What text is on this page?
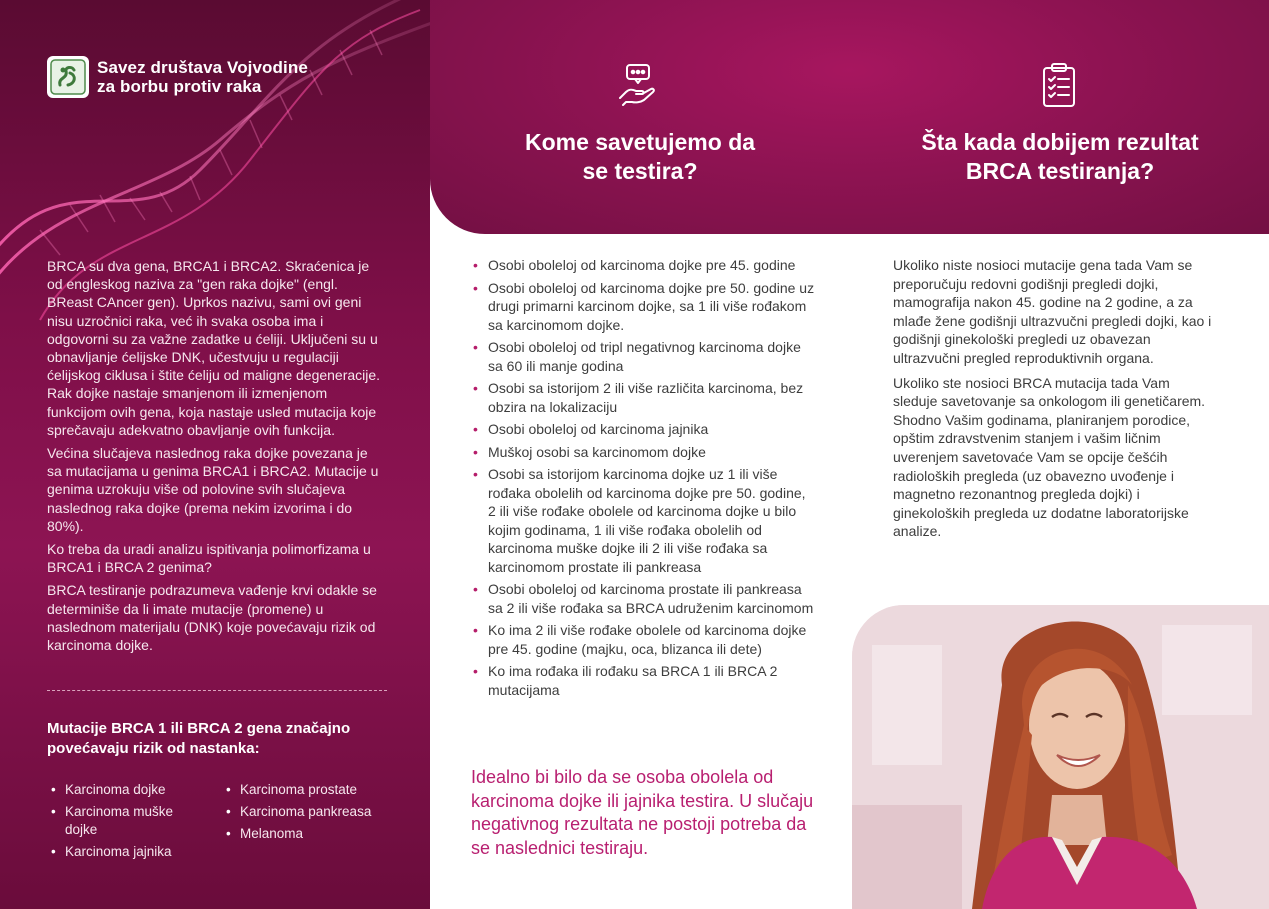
Savez društava Vojvodine
za borbu protiv raka

BRCA su dva gena, BRCA1 i BRCA2. Skraćenica je od engleskog naziva za "gen raka dojke" (engl. BReast CAncer gen). Uprkos nazivu, sami ovi geni nisu uzročnici raka, već ih svaka osoba ima i odgovorni su za važne zadatke u ćeliji. Uključeni su u obnavljanje ćelijske DNK, učestvuju u regulaciji ćelijskog ciklusa i štite ćeliju od maligne degeneracije. Rak dojke nastaje smanjenom ili izmenjenom funkcijom ovih gena, koja nastaje usled mutacija koje sprečavaju adekvatno obavljanje ovih funkcija.

Većina slučajeva naslednog raka dojke povezana je sa mutacijama u genima BRCA1 i BRCA2. Mutacije u genima uzrokuju više od polovine svih slučajeva naslednog raka dojke (prema nekim izvorima i do 80%).

Ko treba da uradi analizu ispitivanja polimorfizama u BRCA1 i BRCA 2 genima?

BRCA testiranje podrazumeva vađenje krvi odakle se determiniše da li imate mutacije (promene) u naslednom materijalu (DNK) koje povećavaju rizik od karcinoma dojke.

Mutacije BRCA 1 ili BRCA 2 gena značajno povećavaju rizik od nastanka:
• Karcinoma dojke
• Karcinoma muške dojke
• Karcinoma jajnika
• Karcinoma prostate
• Karcinoma pankreasa
• Melanoma
Kome savetujemo da se testira?
Šta kada dobijem rezultat BRCA testiranja?
• Osobi obolelој od karcinoma dojke pre 45. godine
• Osobi obolelој od karcinoma dojke pre 50. godine uz drugi primarni karcinom dojke, sa 1 ili više rođakom sa karcinomom dojke.
• Osobi obolelој od tripl negativnog karcinoma dojke sa 60 ili manje godina
• Osobi sa istorijom 2 ili više različita karcinoma, bez obzira na lokalizaciju
• Osobi obolelој od karcinoma jajnika
• Muškoj osobi sa karcinomom dojke
• Osobi sa istorijom karcinoma dojke uz 1 ili više rođaka obolelih od karcinoma dojke pre 50. godine, 2 ili više rođake obolele od karcinoma dojke u bilo kojim godinama, 1 ili više rođaka obolelih od karcinoma muške dojke ili 2 ili više rođaka sa karcinomom prostate ili pankreasa
• Osobi obolelој od karcinoma prostate ili pankreasa sa 2 ili više rođaka sa BRCA udruženim karcinomom
• Ko ima 2 ili više rođake obolele od karcinoma dojke pre 45. godine (majku, oca, blizanca ili dete)
• Ko ima rođaka ili rođaku sa BRCA 1 ili BRCA 2 mutacijama

Idealno bi bilo da se osoba obolela od karcinoma dojke ili jajnika testira. U slučaju negativnog rezultata ne postoji potreba da se naslednici testiraju.

Ukoliko niste nosioci mutacije gena tada Vam se preporučuju redovni godišnji pregledi dojki, mamografija nakon 45. godine na 2 godine, a za mlađe žene godišnji ultrazvučni pregledi dojki, kao i godišnji ginekološki pregledi uz obavezan ultrazvučni pregled reproduktivnih organa.

Ukoliko ste nosioci BRCA mutacija tada Vam sleduje savetovanje sa onkologom ili genetičarem. Shodno Vašim godinama, planiranjem porodice, opštim zdravstvenim stanjem i vašim ličnim uverenjem savetovaće Vam se opcije češćih radioloških pregleda (uz obavezno uvođenje i magnetno rezonantnog pregleda dojki) i ginekoloških pregleda uz dodatne laboratorijske analize.
